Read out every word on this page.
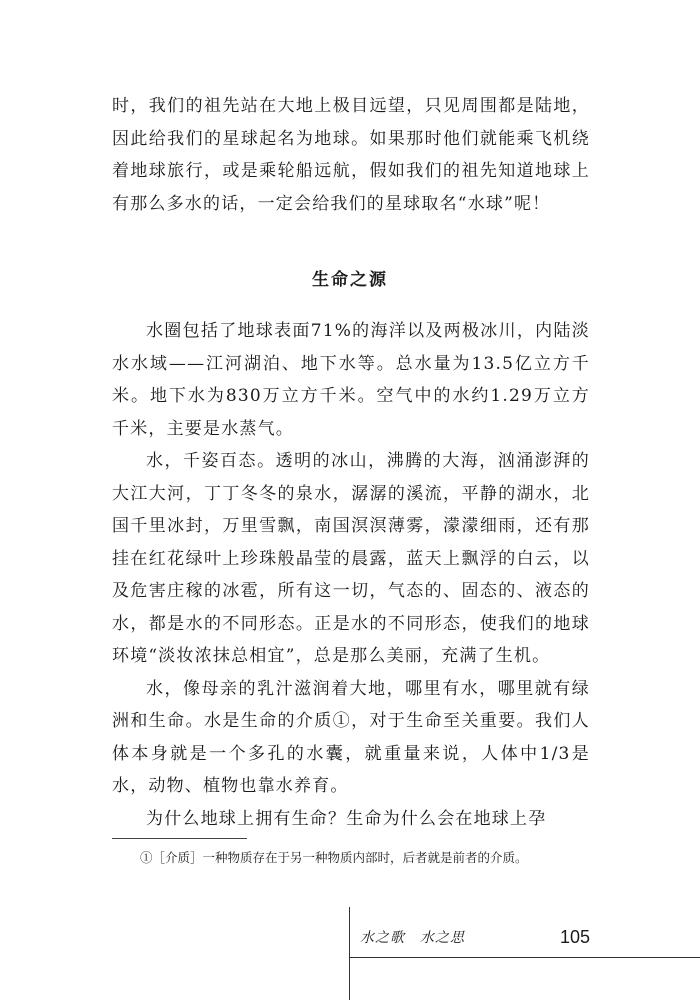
时，我们的祖先站在大地上极目远望，只见周围都是陆地，因此给我们的星球起名为地球。如果那时他们就能乘飞机绕着地球旅行，或是乘轮船远航，假如我们的祖先知道地球上有那么多水的话，一定会给我们的星球取名“水球”呢！

生命之源

水圈包括了地球表面71%的海洋以及两极冰川，内陆淡水水域——江河湖泊、地下水等。总水量为13.5亿立方千米。地下水为830万立方千米。空气中的水约1.29万立方千米，主要是水蒸气。

水，千姿百态。透明的冰山，沸腾的大海，汹涌澎湃的大江大河，丁丁冬冬的泉水，潺潺的溪流，平静的湖水，北国千里冰封，万里雪飘，南国溟溟薄雾，濛濛细雨，还有那挂在红花绿叶上珍珠般晶莹的晨露，蓝天上飘浮的白云，以及危害庄稼的冰雹，所有这一切，气态的、固态的、液态的水，都是水的不同形态。正是水的不同形态，使我们的地球环境“淡妆浓抹总相宜”，总是那么美丽，充满了生机。

水，像母亲的乳汁滋润着大地，哪里有水，哪里就有绿洲和生命。水是生命的介质①，对于生命至关重要。我们人体本身就是一个多孔的水囊，就重量来说，人体中1/3是水，动物、植物也靠水养育。

为什么地球上拥有生命？生命为什么会在地球上孕

①［介质］一种物质存在于另一种物质内部时，后者就是前者的介质。

水之歌　水之思	105
